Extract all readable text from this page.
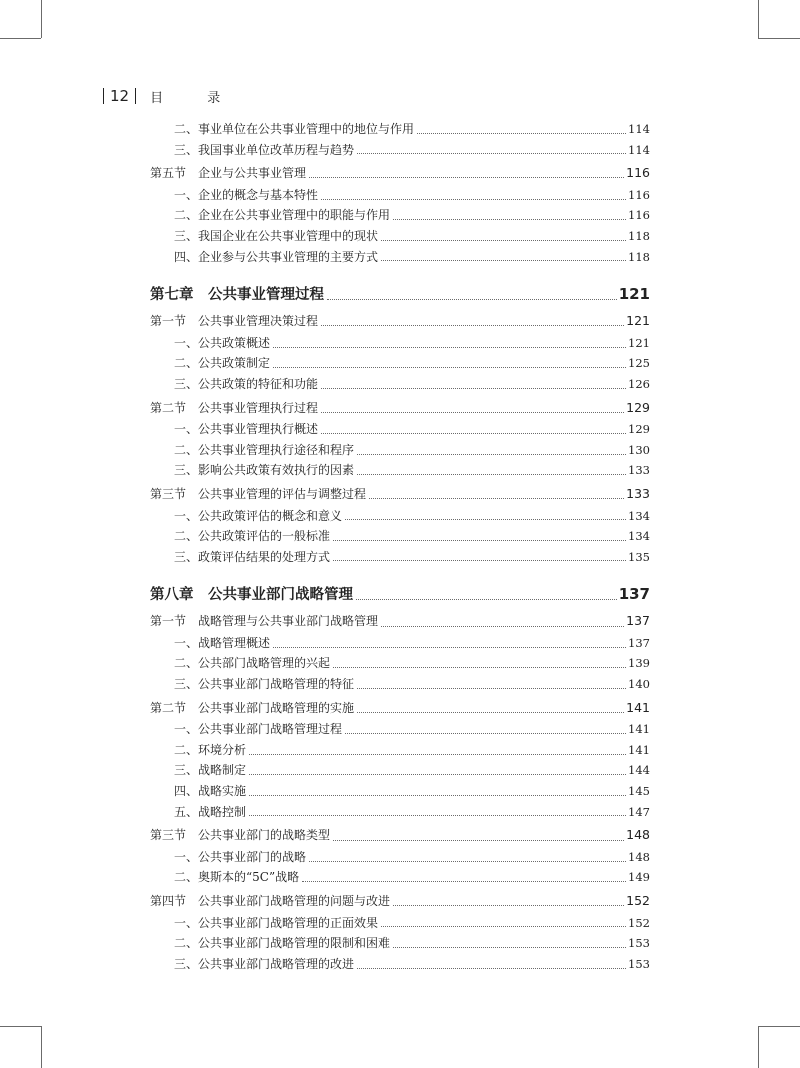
12 目 录
二、事业单位在公共事业管理中的地位与作用	114
三、我国事业单位改革历程与趋势	114
第五节 企业与公共事业管理	116
一、企业的概念与基本特性	116
二、企业在公共事业管理中的职能与作用	116
三、我国企业在公共事业管理中的现状	118
四、企业参与公共事业管理的主要方式	118
第七章 公共事业管理过程	121
第一节 公共事业管理决策过程	121
一、公共政策概述	121
二、公共政策制定	125
三、公共政策的特征和功能	126
第二节 公共事业管理执行过程	129
一、公共事业管理执行概述	129
二、公共事业管理执行途径和程序	130
三、影响公共政策有效执行的因素	133
第三节 公共事业管理的评估与调整过程	133
一、公共政策评估的概念和意义	134
二、公共政策评估的一般标准	134
三、政策评估结果的处理方式	135
第八章 公共事业部门战略管理	137
第一节 战略管理与公共事业部门战略管理	137
一、战略管理概述	137
二、公共部门战略管理的兴起	139
三、公共事业部门战略管理的特征	140
第二节 公共事业部门战略管理的实施	141
一、公共事业部门战略管理过程	141
二、环境分析	141
三、战略制定	144
四、战略实施	145
五、战略控制	147
第三节 公共事业部门的战略类型	148
一、公共事业部门的战略	148
二、奥斯本的“5C”战略	149
第四节 公共事业部门战略管理的问题与改进	152
一、公共事业部门战略管理的正面效果	152
二、公共事业部门战略管理的限制和困难	153
三、公共事业部门战略管理的改进	153
